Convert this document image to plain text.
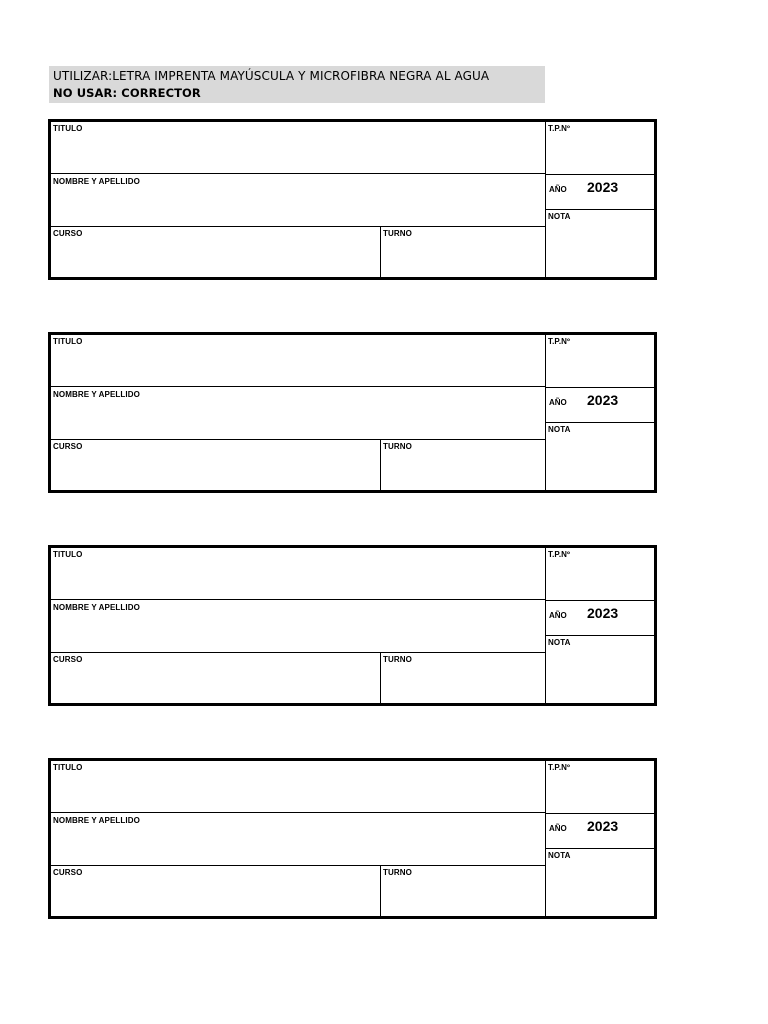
UTILIZAR:LETRA IMPRENTA MAYÚSCULA Y MICROFIBRA NEGRA AL AGUA
NO USAR: CORRECTOR
TITULO	T.P.Nº
NOMBRE Y APELLIDO
AÑO 2023
NOTA
CURSO	TURNO
TITULO	T.P.Nº
NOMBRE Y APELLIDO
AÑO 2023
NOTA
CURSO	TURNO
TITULO	T.P.Nº
NOMBRE Y APELLIDO
AÑO 2023
NOTA
CURSO	TURNO
TITULO	T.P.Nº
NOMBRE Y APELLIDO
AÑO 2023
NOTA
CURSO	TURNO
